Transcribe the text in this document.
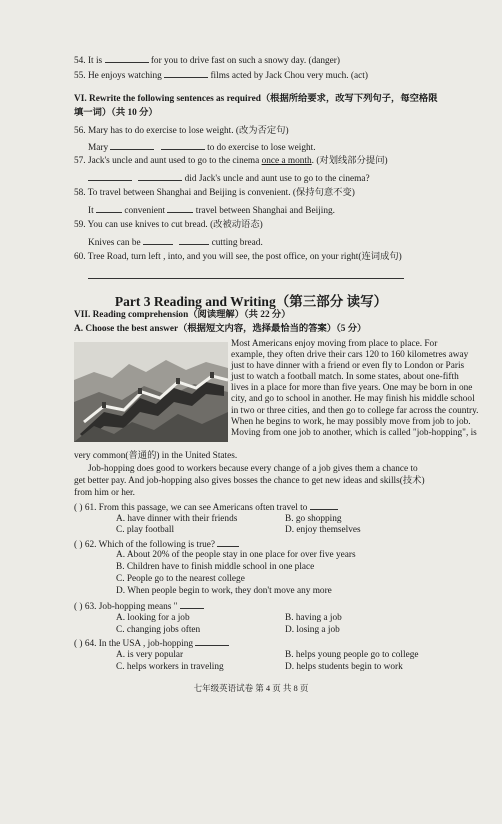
54. It is	for you to drive fast on such a snowy day. (danger)
55. He enjoys watching	films acted by Jack Chou very much. (act)
VI. Rewrite the following sentences as required（根据所给要求，改写下列句子，每空格限
填一词）（共 10 分）
56. Mary has to do exercise to lose weight. (改为否定句)
Mary	to do exercise to lose weight.
57. Jack's uncle and aunt used to go to the cinema once a month. (对划线部分提问)
did Jack's uncle and aunt use to go to the cinema?
58. To travel between Shanghai and Beijing is convenient. (保持句意不变)
It	convenient	travel between Shanghai and Beijing.
59. You can use knives to cut bread. (改被动语态)
Knives can be	cutting bread.
60. Tree Road, turn left , into, and you will see, the post office, on your right(连词成句)
Part 3 Reading and Writing（第三部分 读写）
VII. Reading comprehension（阅读理解）（共 22 分）
A. Choose the best answer（根据短文内容，选择最恰当的答案）（5 分）
Most Americans enjoy moving from place to place. For
example, they often drive their cars 120 to 160 kilometres away
just to have dinner with a friend or even fly to London or Paris
just to watch a football match. In some states, about one-fifth
lives in a place for more than five years. One may be born in one
city, and go to school in another. He may finish his middle school
in two or three cities, and then go to college far across the country.
When he begins to work, he may possibly move from job to job.
Moving from one job to another, which is called "job-hopping", is
very common(普通的) in the United States.
Job-hopping does good to workers because every change of a job gives them a chance to
get better pay. And job-hopping also gives bosses the chance to get new ideas and skills(技术)
from him or her.
( ) 61. From this passage, we can see Americans often travel to
A. have dinner with their friends	B. go shopping
C. play football	D. enjoy themselves
( ) 62. Which of the following is true?
A. About 20% of the people stay in one place for over five years
B. Children have to finish middle school in one place
C. People go to the nearest college
D. When people begin to work, they don't move any more
( ) 63. Job-hopping means "
A. looking for a job	B. having a job
C. changing jobs often	D. losing a job
( ) 64. In the USA , job-hopping
A. is very popular	B. helps young people go to college
C. helps workers in traveling	D. helps students begin to work
七年级英语试卷 第 4 页 共 8 页
